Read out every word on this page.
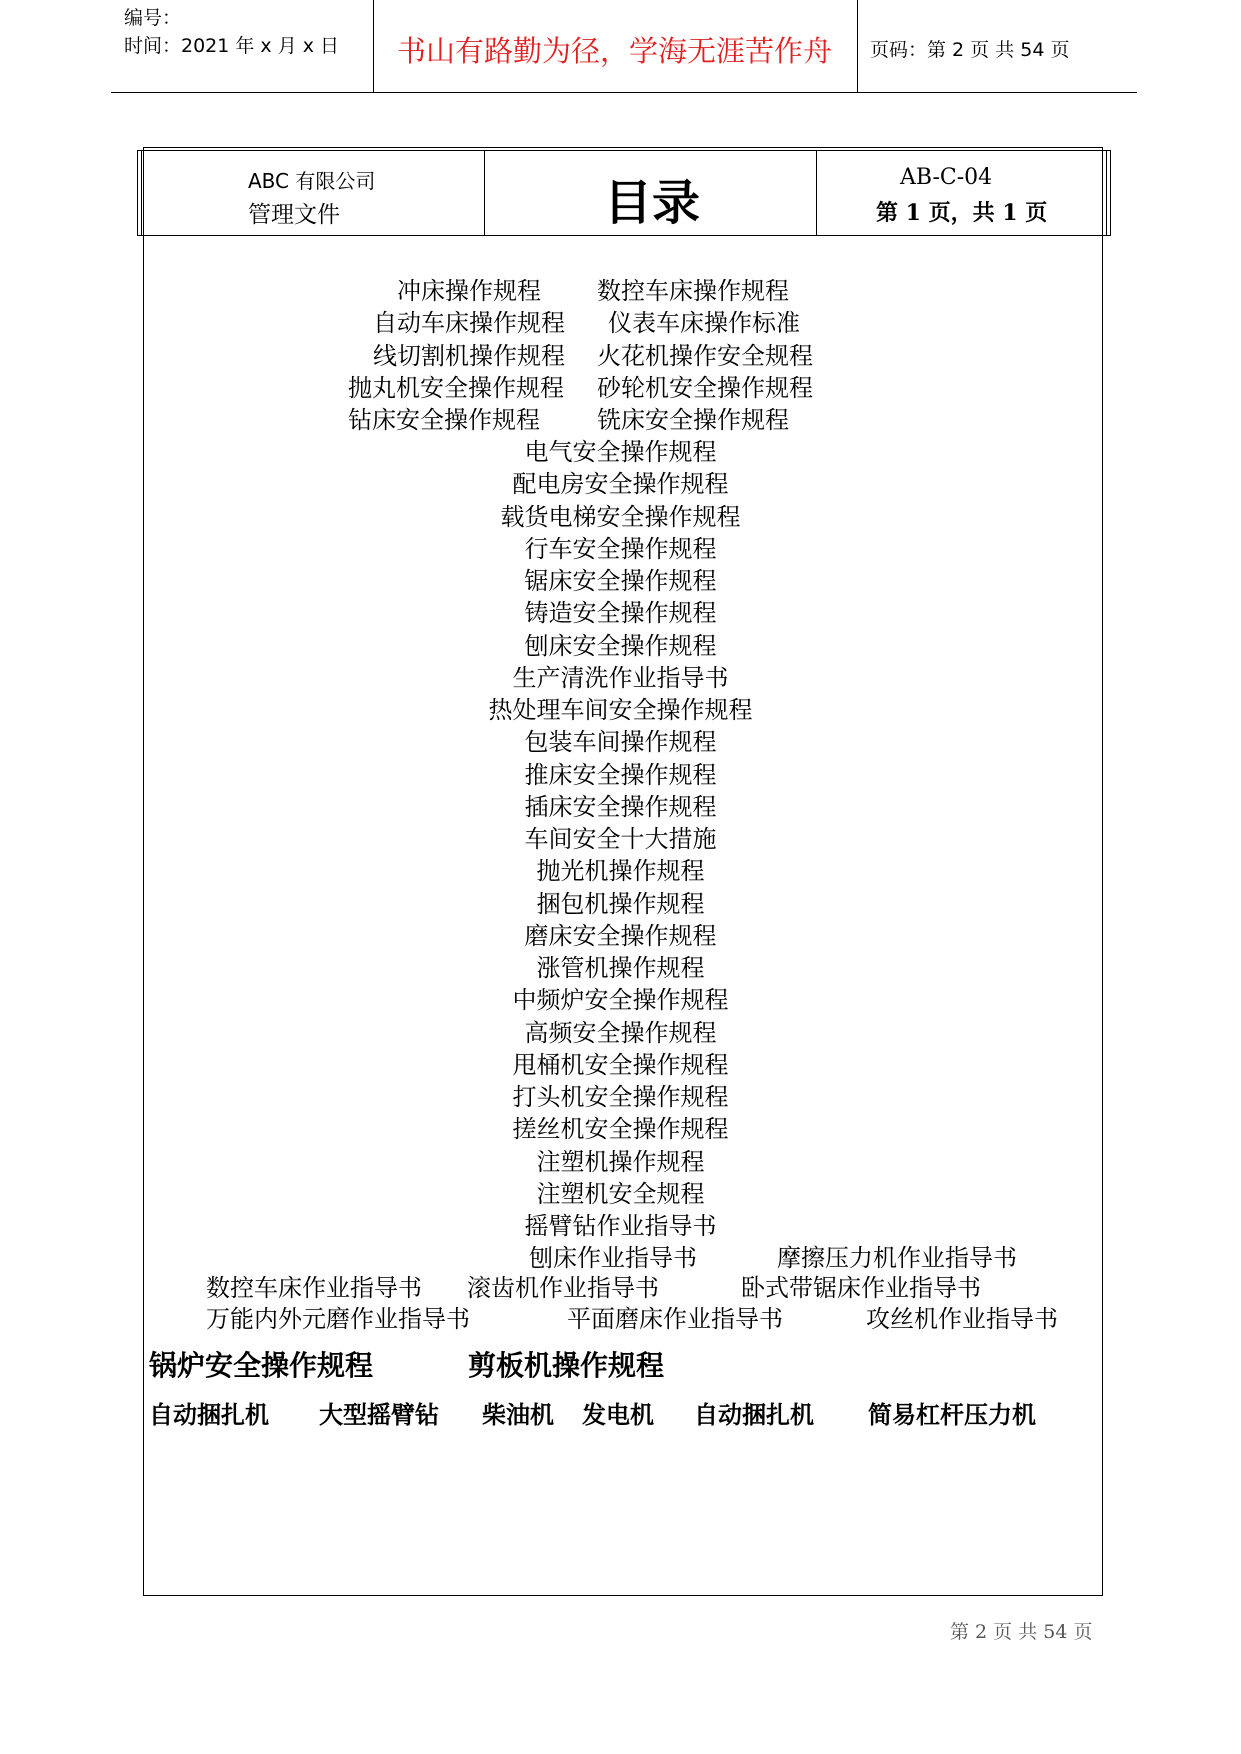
编号：
时间：2021 年 x 月 x 日 书山有路勤为径，学海无涯苦作舟 页码：第 2 页 共 54 页
ABC 有限公司
管理文件	目录	AB-C-04
第 1 页，共 1 页
冲床操作规程 数控车床操作规程
自动车床操作规程 仪表车床操作标准
线切割机操作规程 火花机操作安全规程
抛丸机安全操作规程 砂轮机安全操作规程
钻床安全操作规程 铣床安全操作规程
电气安全操作规程
配电房安全操作规程
载货电梯安全操作规程
行车安全操作规程
锯床安全操作规程
铸造安全操作规程
刨床安全操作规程
生产清洗作业指导书
热处理车间安全操作规程
包装车间操作规程
推床安全操作规程
插床安全操作规程
车间安全十大措施
抛光机操作规程
捆包机操作规程
磨床安全操作规程
涨管机操作规程
中频炉安全操作规程
高频安全操作规程
甩桶机安全操作规程
打头机安全操作规程
搓丝机安全操作规程
注塑机操作规程
注塑机安全规程
摇臂钻作业指导书
刨床作业指导书	摩擦压力机作业指导书
数控车床作业指导书 滚齿机作业指导书	卧式带锯床作业指导书
万能内外元磨作业指导书	平面磨床作业指导书	攻丝机作业指导书
锅炉安全操作规程	剪板机操作规程
自动捆扎机 大型摇臂钻 柴油机 发电机 自动捆扎机 简易杠杆压力机
第 2 页 共 54 页
